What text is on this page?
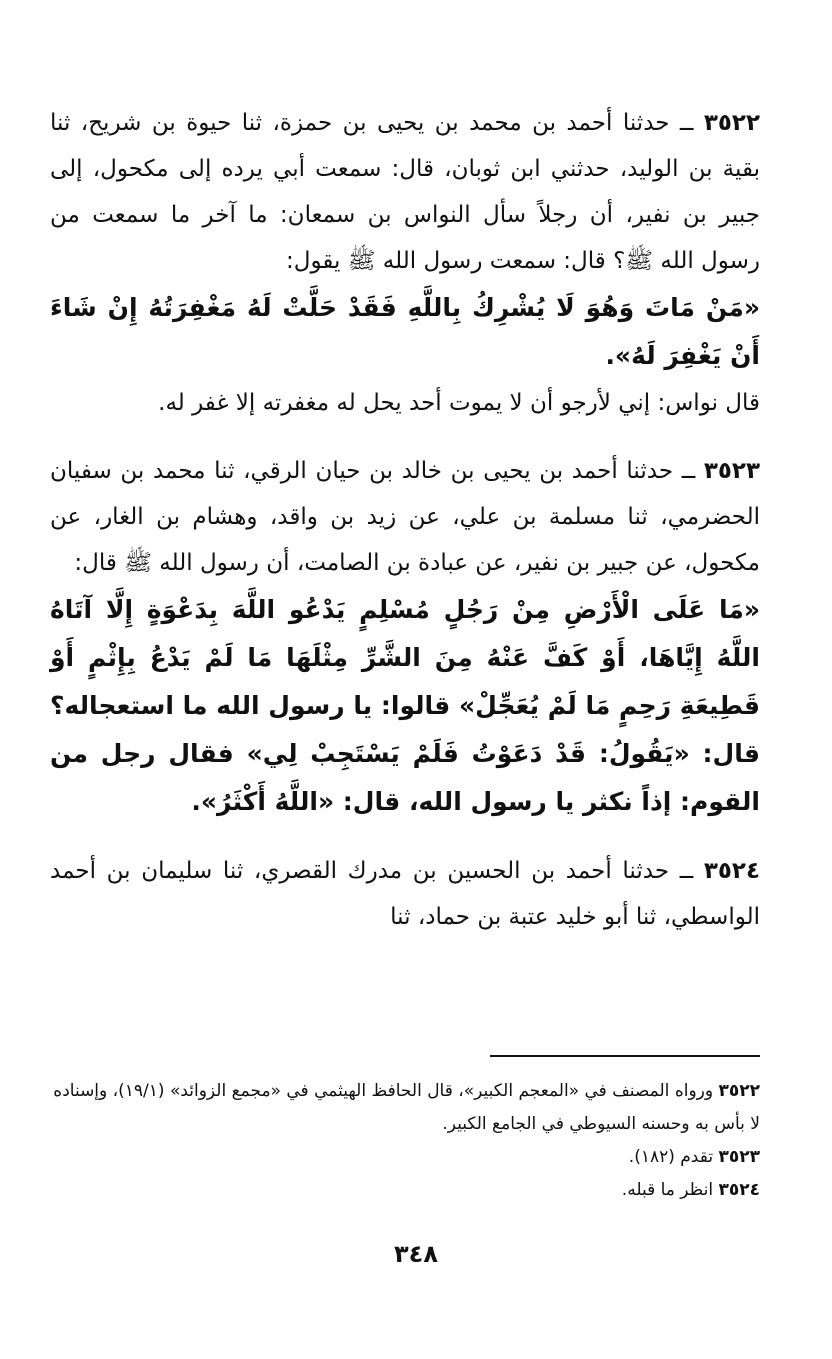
٣٥٢٢ ــ حدثنا أحمد بن محمد بن يحيى بن حمزة، ثنا حيوة بن شريح، ثنا بقية بن الوليد، حدثني ابن ثوبان، قال: سمعت أبي يرده إلى مكحول، إلى جبير بن نفير، أن رجلاً سأل النواس بن سمعان: ما آخر ما سمعت من رسول الله ﷺ؟ قال: سمعت رسول الله ﷺ يقول:

«مَنْ مَاتَ وَهُوَ لَا يُشْرِكُ بِاللَّهِ فَقَدْ حَلَّتْ لَهُ مَغْفِرَتُهُ إِنْ شَاءَ أَنْ يَغْفِرَ لَهُ».

قال نواس: إني لأرجو أن لا يموت أحد يحل له مغفرته إلا غفر له.

٣٥٢٣ ــ حدثنا أحمد بن يحيى بن خالد بن حيان الرقي، ثنا محمد بن سفيان الحضرمي، ثنا مسلمة بن علي، عن زيد بن واقد، وهشام بن الغار، عن مكحول، عن جبير بن نفير، عن عبادة بن الصامت، أن رسول الله ﷺ قال:

«مَا عَلَى الْأَرْضِ مِنْ رَجُلٍ مُسْلِمٍ يَدْعُو اللَّهَ بِدَعْوَةٍ إِلَّا آتَاهُ اللَّهُ إِيَّاهَا، أَوْ كَفَّ عَنْهُ مِنَ الشَّرِّ مِثْلَهَا مَا لَمْ يَدْعُ بِإِثْمٍ أَوْ قَطِيعَةِ رَحِمٍ مَا لَمْ يُعَجِّلْ» قالوا: يا رسول الله ما استعجاله؟ قال: «يَقُولُ: قَدْ دَعَوْتُ فَلَمْ يَسْتَجِبْ لِي» فقال رجل من القوم: إذاً نكثر يا رسول الله، قال: «اللَّهُ أَكْثَرُ».

٣٥٢٤ ــ حدثنا أحمد بن الحسين بن مدرك القصري، ثنا سليمان بن أحمد الواسطي، ثنا أبو خليد عتبة بن حماد، ثنا

٣٥٢٢ ورواه المصنف في «المعجم الكبير»، قال الحافظ الهيثمي في «مجمع الزوائد» (١٩/١)، وإسناده لا بأس به وحسنه السيوطي في الجامع الكبير.

٣٥٢٣ تقدم (١٨٢).

٣٥٢٤ انظر ما قبله.

٣٤٨
